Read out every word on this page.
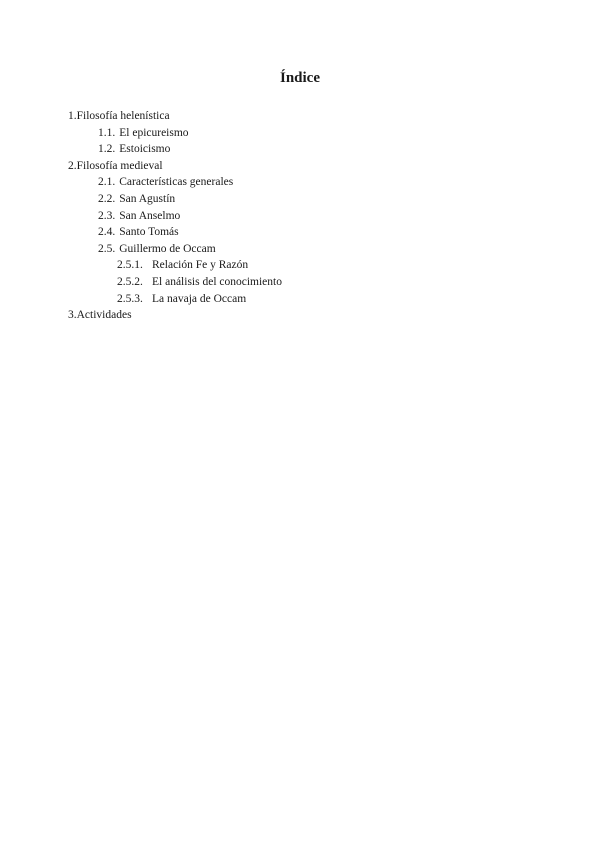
Índice
1.Filosofía helenística
1.1. El epicureismo
1.2. Estoicismo
2.Filosofía medieval
2.1. Características generales
2.2. San Agustín
2.3. San Anselmo
2.4. Santo Tomás
2.5. Guillermo de Occam
2.5.1. Relación Fe y Razón
2.5.2. El análisis del conocimiento
2.5.3. La navaja de Occam
3.Actividades
